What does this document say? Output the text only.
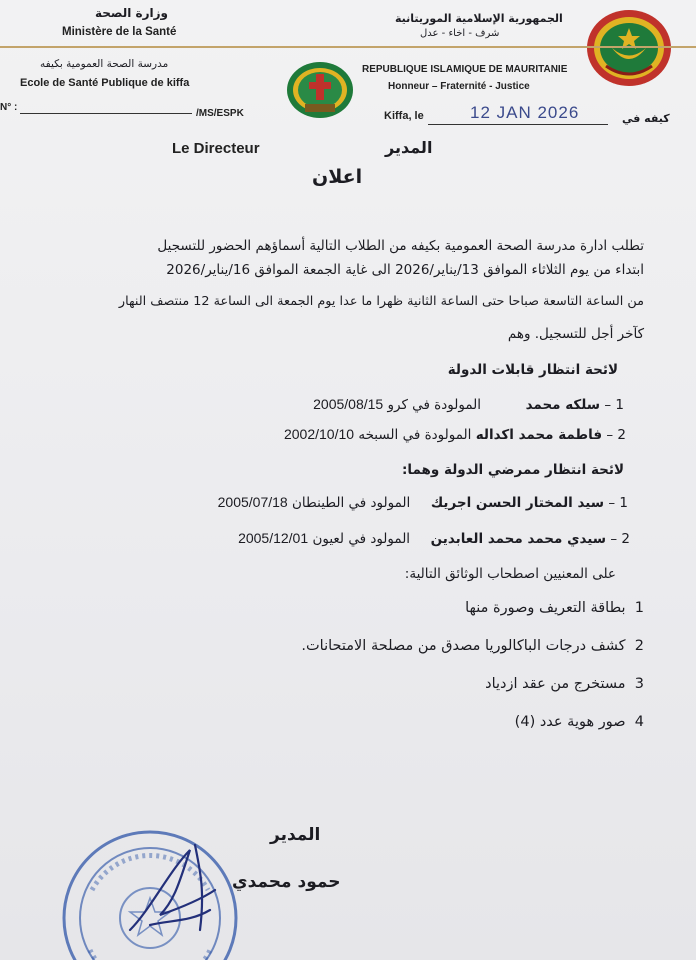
وزارة الصحة
Ministère de la Santé
الجمهورية الإسلامية الموريتانية
شرف - اخاء - عدل
مدرسة الصحة العمومية بكيفه
Ecole de Santé Publique de kiffa
REPUBLIQUE ISLAMIQUE DE MAURITANIE
Honneur – Fraternité - Justice
N° :
/MS/ESPK	Kiffa, le	12 JAN 2026	كيفه في
Le Directeur	المدير
اعلان
تطلب ادارة مدرسة الصحة العمومية بكيفه من الطلاب التالية أسماؤهم الحضور للتسجيل
ابتداء من يوم الثلاثاء الموافق 13/يناير/2026 الى غاية الجمعة الموافق 16/يناير/2026
من الساعة التاسعة صباحا حتى الساعة الثانية ظهرا ما عدا يوم الجمعة الى الساعة 12 منتصف النهار
كآخر أجل للتسجيل. وهم
لائحة انتظار قابلات الدولة
1 – سلكه محمد  المولودة في كرو 2005/08/15
2 – فاطمة محمد اكداله المولودة في السبخه 2002/10/10
لائحة انتظار ممرضي الدولة وهما:
1 – سيد المختار الحسن اجريك  المولود في الطينطان 2005/07/18
2 – سيدي محمد محمد العابدين  المولود في لعيون 2005/12/01
على المعنيين اصطحاب الوثائق التالية:
1  بطاقة التعريف وصورة منها
2  كشف درجات الباكالوريا مصدق من مصلحة الامتحانات.
3  مستخرج من عقد ازدياد
4  صور هوية عدد (4)
المدير
حمود محمدي
